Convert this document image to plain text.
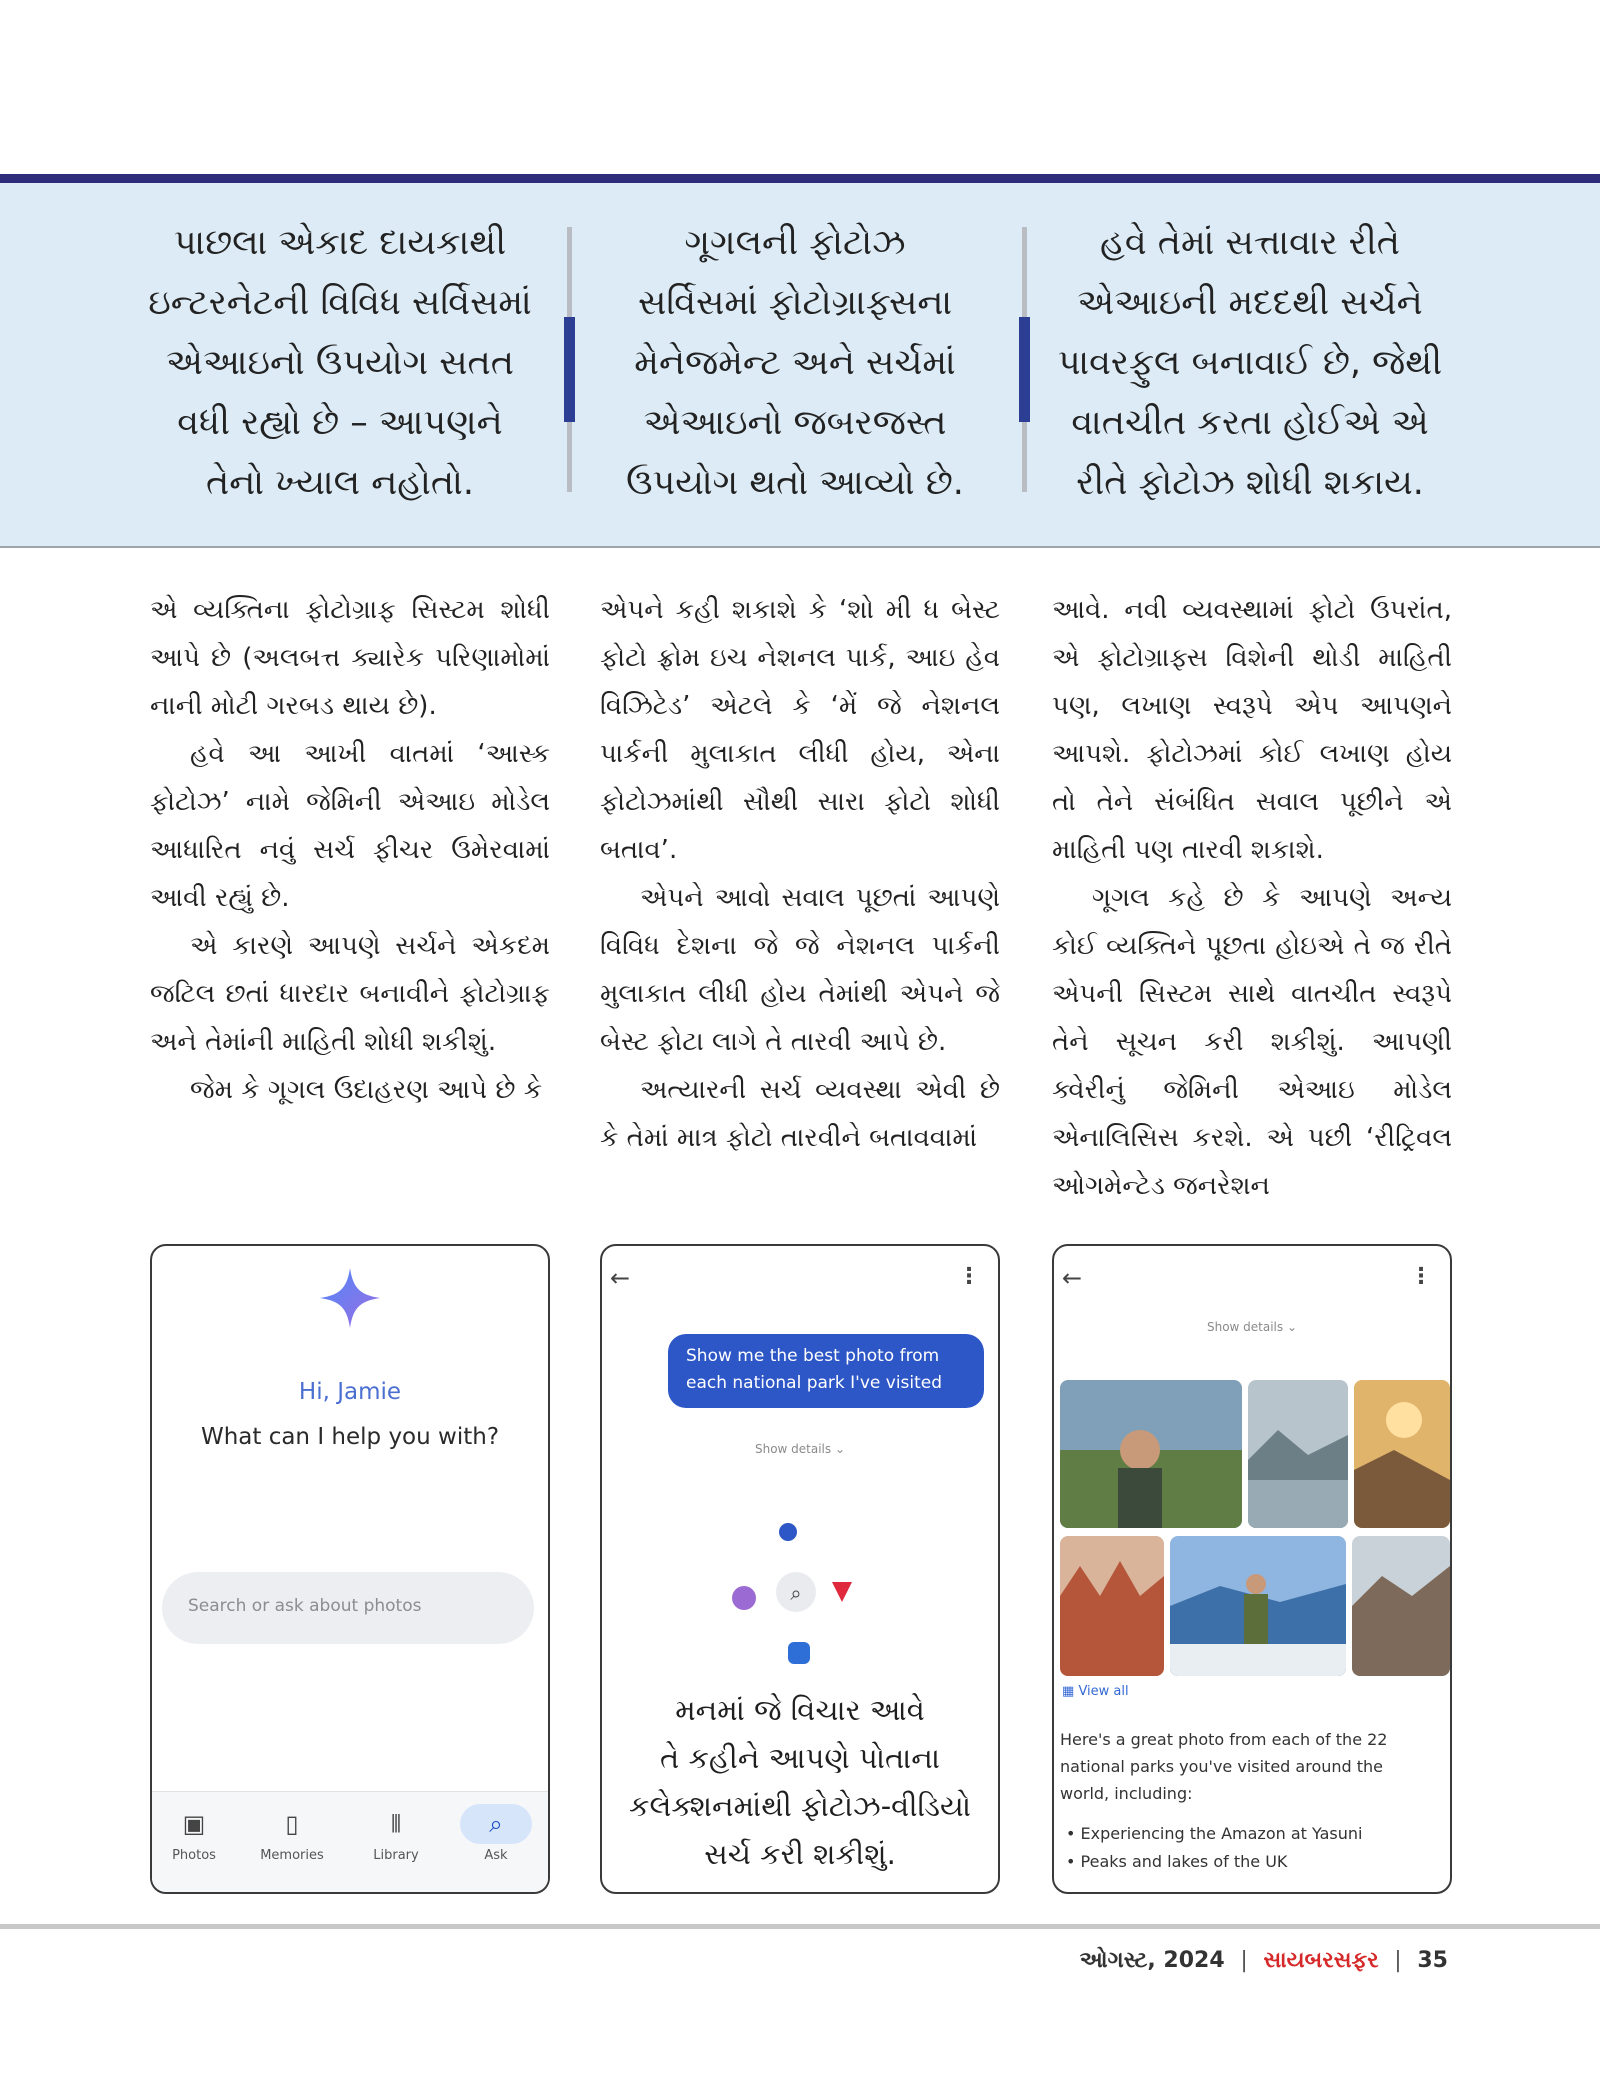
પાછલા એકાદ દાયકાથી
ઇન્ટરનેટની વિવિધ સર્વિસમાં
એઆઇનો ઉપયોગ સતત
વધી રહ્યો છે – આપણને
તેનો ખ્યાલ નહોતો.
ગૂગલની ફોટોઝ
સર્વિસમાં ફોટોગ્રાફ્સના
મેનેજમેન્ટ અને સર્ચમાં
એઆઇનો જબરજસ્ત
ઉપયોગ થતો આવ્યો છે.
હવે તેમાં સત્તાવાર રીતે
એઆઇની મદદથી સર્ચને
પાવરફુલ બનાવાઈ છે, જેથી
વાતચીત કરતા હોઈએ એ
રીતે ફોટોઝ શોધી શકાય.

એ વ્યક્તિના ફોટોગ્રાફ સિસ્ટમ શોધી આપે છે (અલબત્ત ક્યારેક પરિણામોમાં નાની મોટી ગરબડ થાય છે).

હવે આ આખી વાતમાં ‘આસ્ક ફોટોઝ’ નામે જેમિની એઆઇ મોડેલ આધારિત નવું સર્ચ ફીચર ઉમેરવામાં આવી રહ્યું છે.

એ કારણે આપણે સર્ચને એકદમ જટિલ છતાં ધારદાર બનાવીને ફોટોગ્રાફ અને તેમાંની માહિતી શોધી શકીશું.

જેમ કે ગૂગલ ઉદાહરણ આપે છે કે

એપને કહી શકાશે કે ‘શો મી ધ બેસ્ટ ફોટો ફ્રોમ ઇચ નેશનલ પાર્ક, આઇ હેવ વિઝિટેડ’ એટલે કે ‘મેં જે નેશનલ પાર્કની મુલાકાત લીધી હોય, એના ફોટોઝમાંથી સૌથી સારા ફોટો શોધી બતાવ’.

એપને આવો સવાલ પૂછતાં આપણે વિવિધ દેશના જે જે નેશનલ પાર્કની મુલાકાત લીધી હોય તેમાંથી એપને જે બેસ્ટ ફોટા લાગે તે તારવી આપે છે.

અત્યારની સર્ચ વ્યવસ્થા એવી છે કે તેમાં માત્ર ફોટો તારવીને બતાવવામાં

આવે. નવી વ્યવસ્થામાં ફોટો ઉપરાંત, એ ફોટોગ્રાફ્સ વિશેની થોડી માહિતી પણ, લખાણ સ્વરૂપે એપ આપણને આપશે. ફોટોઝમાં કોઈ લખાણ હોય તો તેને સંબંધિત સવાલ પૂછીને એ માહિતી પણ તારવી શકાશે.

ગૂગલ કહે છે કે આપણે અન્ય કોઈ વ્યક્તિને પૂછતા હોઇએ તે જ રીતે એપની સિસ્ટમ સાથે વાતચીત સ્વરૂપે તેને સૂચન કરી શકીશું. આપણી ક્વેરીનું જેમિની એઆઇ મોડેલ એનાલિસિસ કરશે. એ પછી ‘રીટ્રિવલ ઓગમેન્ટેડ જનરેશન

Hi, Jamie
What can I help you with?
Search or ask about photos
▣
Photos
▯
Memories
⫴
Library
⌕
Ask
←	⋮
Show me the best photo from each national park I've visited
Show details ⌄
⌕
મનમાં જે વિચાર આવે
તે કહીને આપણે પોતાના
કલેક્શનમાંથી ફોટોઝ-વીડિયો
સર્ચ કરી શકીશું.
←	⋮
Show details ⌄
▦ View all
Here's a great photo from each of the 22 national parks you've visited around the world, including:
• Experiencing the Amazon at Yasuni
• Peaks and lakes of the UK
ઓગસ્ટ, 2024 | સાયબરસફર | 35
